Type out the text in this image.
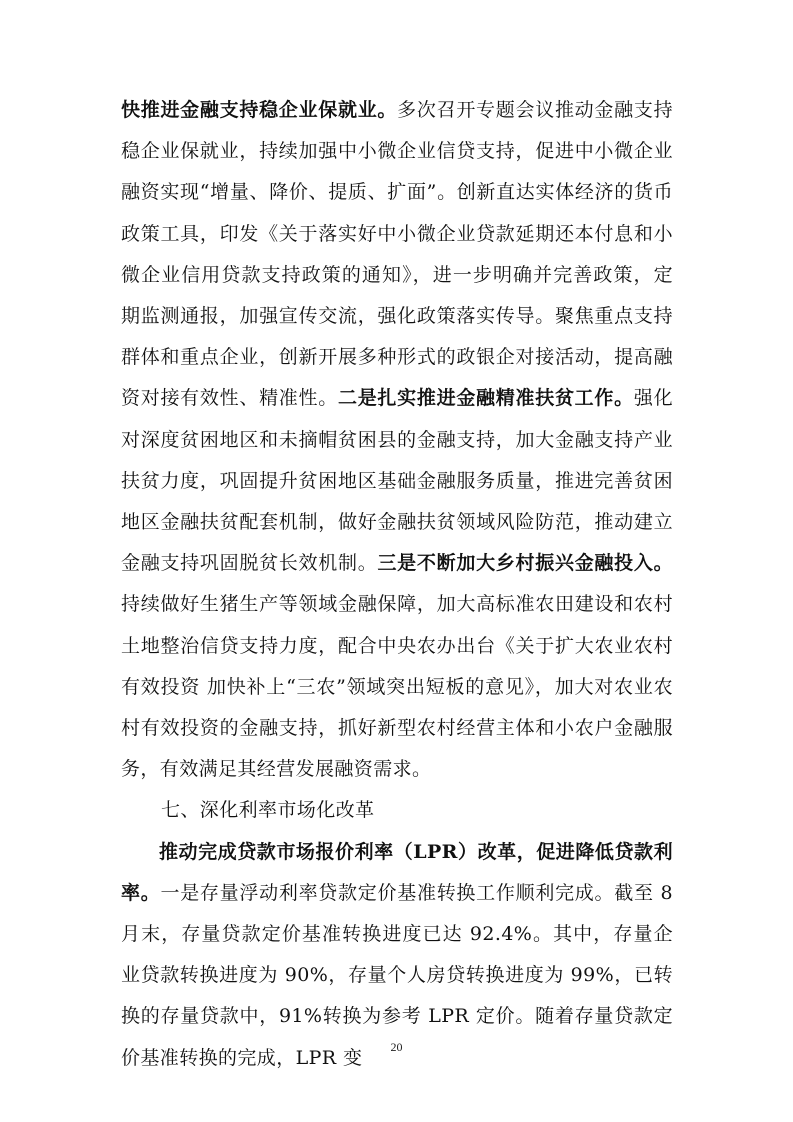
快推进金融支持稳企业保就业。多次召开专题会议推动金融支持稳企业保就业，持续加强中小微企业信贷支持，促进中小微企业融资实现“增量、降价、提质、扩面”。创新直达实体经济的货币政策工具，印发《关于落实好中小微企业贷款延期还本付息和小微企业信用贷款支持政策的通知》，进一步明确并完善政策，定期监测通报，加强宣传交流，强化政策落实传导。聚焦重点支持群体和重点企业，创新开展多种形式的政银企对接活动，提高融资对接有效性、精准性。二是扎实推进金融精准扶贫工作。强化对深度贫困地区和未摘帽贫困县的金融支持，加大金融支持产业扶贫力度，巩固提升贫困地区基础金融服务质量，推进完善贫困地区金融扶贫配套机制，做好金融扶贫领域风险防范，推动建立金融支持巩固脱贫长效机制。三是不断加大乡村振兴金融投入。持续做好生猪生产等领域金融保障，加大高标准农田建设和农村土地整治信贷支持力度，配合中央农办出台《关于扩大农业农村有效投资 加快补上“三农”领域突出短板的意见》，加大对农业农村有效投资的金融支持，抓好新型农村经营主体和小农户金融服务，有效满足其经营发展融资需求。

七、深化利率市场化改革

推动完成贷款市场报价利率（LPR）改革，促进降低贷款利率。一是存量浮动利率贷款定价基准转换工作顺利完成。截至 8 月末，存量贷款定价基准转换进度已达 92.4%。其中，存量企业贷款转换进度为 90%，存量个人房贷转换进度为 99%，已转换的存量贷款中，91%转换为参考 LPR 定价。随着存量贷款定价基准转换的完成，LPR 变	20
